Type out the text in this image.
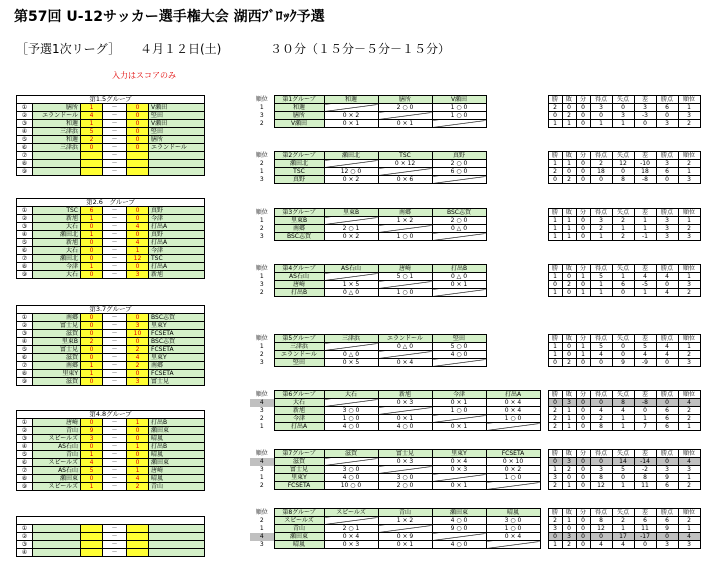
第57回 U-12サッカー選手権大会 湖西ﾌﾞﾛｯｸ予選
［予選1次リーグ］ ４月１２日(土)	３０分（１５分－５分－１５分）
入力はスコアのみ
第1.5グループ					
①	膳所	1	－	0	V瀬田
②	エランドール	4	－	0	堅田
③	和邇	1	－	0	V瀬田
④	三津浜	5	－	0	堅田
⑤	和邇	2	－	0	膳所
⑥	三津浜	0	－	0	エランドール
⑦			－		
⑧			－		
⑨			－		
第2.6　グループ					
①	TSC	6	－	0	真野
②	新旭	1	－	0	今津
③	大石	0	－	4	打出A
④	瀬田北	1	－	0	真野
⑤	新旭	0	－	4	打出A
⑥	大石	0	－	1	今津
⑦	瀬田北	0	－	12	TSC
⑧	今津	1	－	0	打出A
⑨	大石	0	－	3	新旭
第3.7グループ					
①	南郷	0	－	0	BSC志賀
②	富士見	0	－	3	里東Y
③	滋賀	0	－	10	FCSETA
④	里東B	2	－	0	BSC志賀
⑤	富士見	0	－	2	FCSETA
⑥	滋賀	0	－	4	里東Y
⑦	南郷	1	－	2	南郷
⑧	里東Y	1	－	0	FCSETA
⑨	滋賀	0	－	3	富士見
第4.8グループ					
①	唐崎	0	－	1	打出B
②	青山	9	－	0	瀬田東
③	スピールズ	3	－	0	晴嵐
④	AS石山	0	－	1	打出B
⑤	青山	1	－	0	晴嵐
⑥	スピールズ	4	－	0	瀬田東
⑦	AS石山	5	－	1	唐崎
⑧	瀬田東	0	－	4	晴嵐
⑨	スピールズ	1	－	2	青山

①			－		
②			－		
③			－		
④			－		
順位	第1グループ	和邇	膳所	V瀬田			勝	敗	分	得点	失点	差	勝点	順位
1	和邇		2 ○ 0	1 ○ 0			2	0	0	3	0	3	6	1
3	膳所	0 × 2		1 ○ 0			0	2	0	0	3	-3	0	3
2	V瀬田	0 × 1	0 × 1				1	1	0	1	1	0	3	2
順位	第2グループ	瀬田北	TSC	真野			勝	敗	分	得点	失点	差	勝点	順位
2	瀬田北		0 × 12	2 ○ 0			1	1	0	2	12	-10	3	2
1	TSC	12 ○ 0		6 ○ 0			2	0	0	18	0	18	6	1
3	真野	0 × 2	0 × 6				0	2	0	0	8	-8	0	3
順位	第3グループ	里東B	南郷	BSC志賀			勝	敗	分	得点	失点	差	勝点	順位
1	里東B		1 × 2	2 ○ 0			1	1	0	3	2	1	3	1
2	南郷	2 ○ 1		0 △ 0			1	1	0	2	1	1	3	2
3	BSC志賀	0 × 2	1 ○ 0				1	1	0	1	2	-1	3	3
順位	第4グループ	AS石山	唐崎	打出B			勝	敗	分	得点	失点	差	勝点	順位
1	AS石山		5 ○ 1	0 △ 0			1	0	1	5	1	4	4	1
3	唐崎	1 × 5		0 × 1			0	2	0	1	6	-5	0	3
2	打出B	0 △ 0	1 ○ 0				1	0	1	1	0	1	4	2
順位	第5グループ	三津浜	エランドール	堅田			勝	敗	分	得点	失点	差	勝点	順位
1	三津浜		0 △ 0	5 ○ 0			1	0	1	5	0	5	4	1
2	エランドール	0 △ 0		4 ○ 0			1	0	1	4	0	4	4	2
3	堅田	0 × 5	0 × 4				0	2	0	0	9	-9	0	3
順位	第6グループ	大石	新旭	今津	打出A		勝	敗	分	得点	失点	差	勝点	順位
4	大石		0 × 3	0 × 1	0 × 4		0	3	0	0	8	-8	0	4
3	新旭	3 ○ 0		1 ○ 0	0 × 4		2	1	0	4	4	0	6	2
2	今津	1 ○ 0	0 × 1		1 ○ 0		2	1	0	2	1	1	6	2
1	打出A	4 ○ 0	4 ○ 0	0 × 1			2	1	0	8	1	7	6	1
順位	第7グループ	滋賀	富士見	里東Y	FCSETA		勝	敗	分	得点	失点	差	勝点	順位
4	滋賀		0 × 3	0 × 4	0 × 10		0	3	0	0	14	-14	0	4
3	富士見	3 ○ 0		0 × 3	0 × 2		1	2	0	3	5	-2	3	3
1	里東Y	4 ○ 0	3 ○ 0		1 ○ 0		3	0	0	8	0	8	9	1
2	FCSETA	10 ○ 0	2 ○ 0	0 × 1			2	1	0	12	1	11	6	2
順位	第8グループ	スピールズ	青山	瀬田東	晴嵐		勝	敗	分	得点	失点	差	勝点	順位
2	スピールズ		1 × 2	4 ○ 0	3 ○ 0		2	1	0	8	2	6	6	2
1	青山	2 ○ 1		9 ○ 0	1 ○ 0		3	0	0	12	1	11	9	1
4	瀬田東	0 × 4	0 × 9		0 × 4		0	3	0	0	17	-17	0	4
3	晴嵐	0 × 3	0 × 1	4 ○ 0			1	2	0	4	4	0	3	3
